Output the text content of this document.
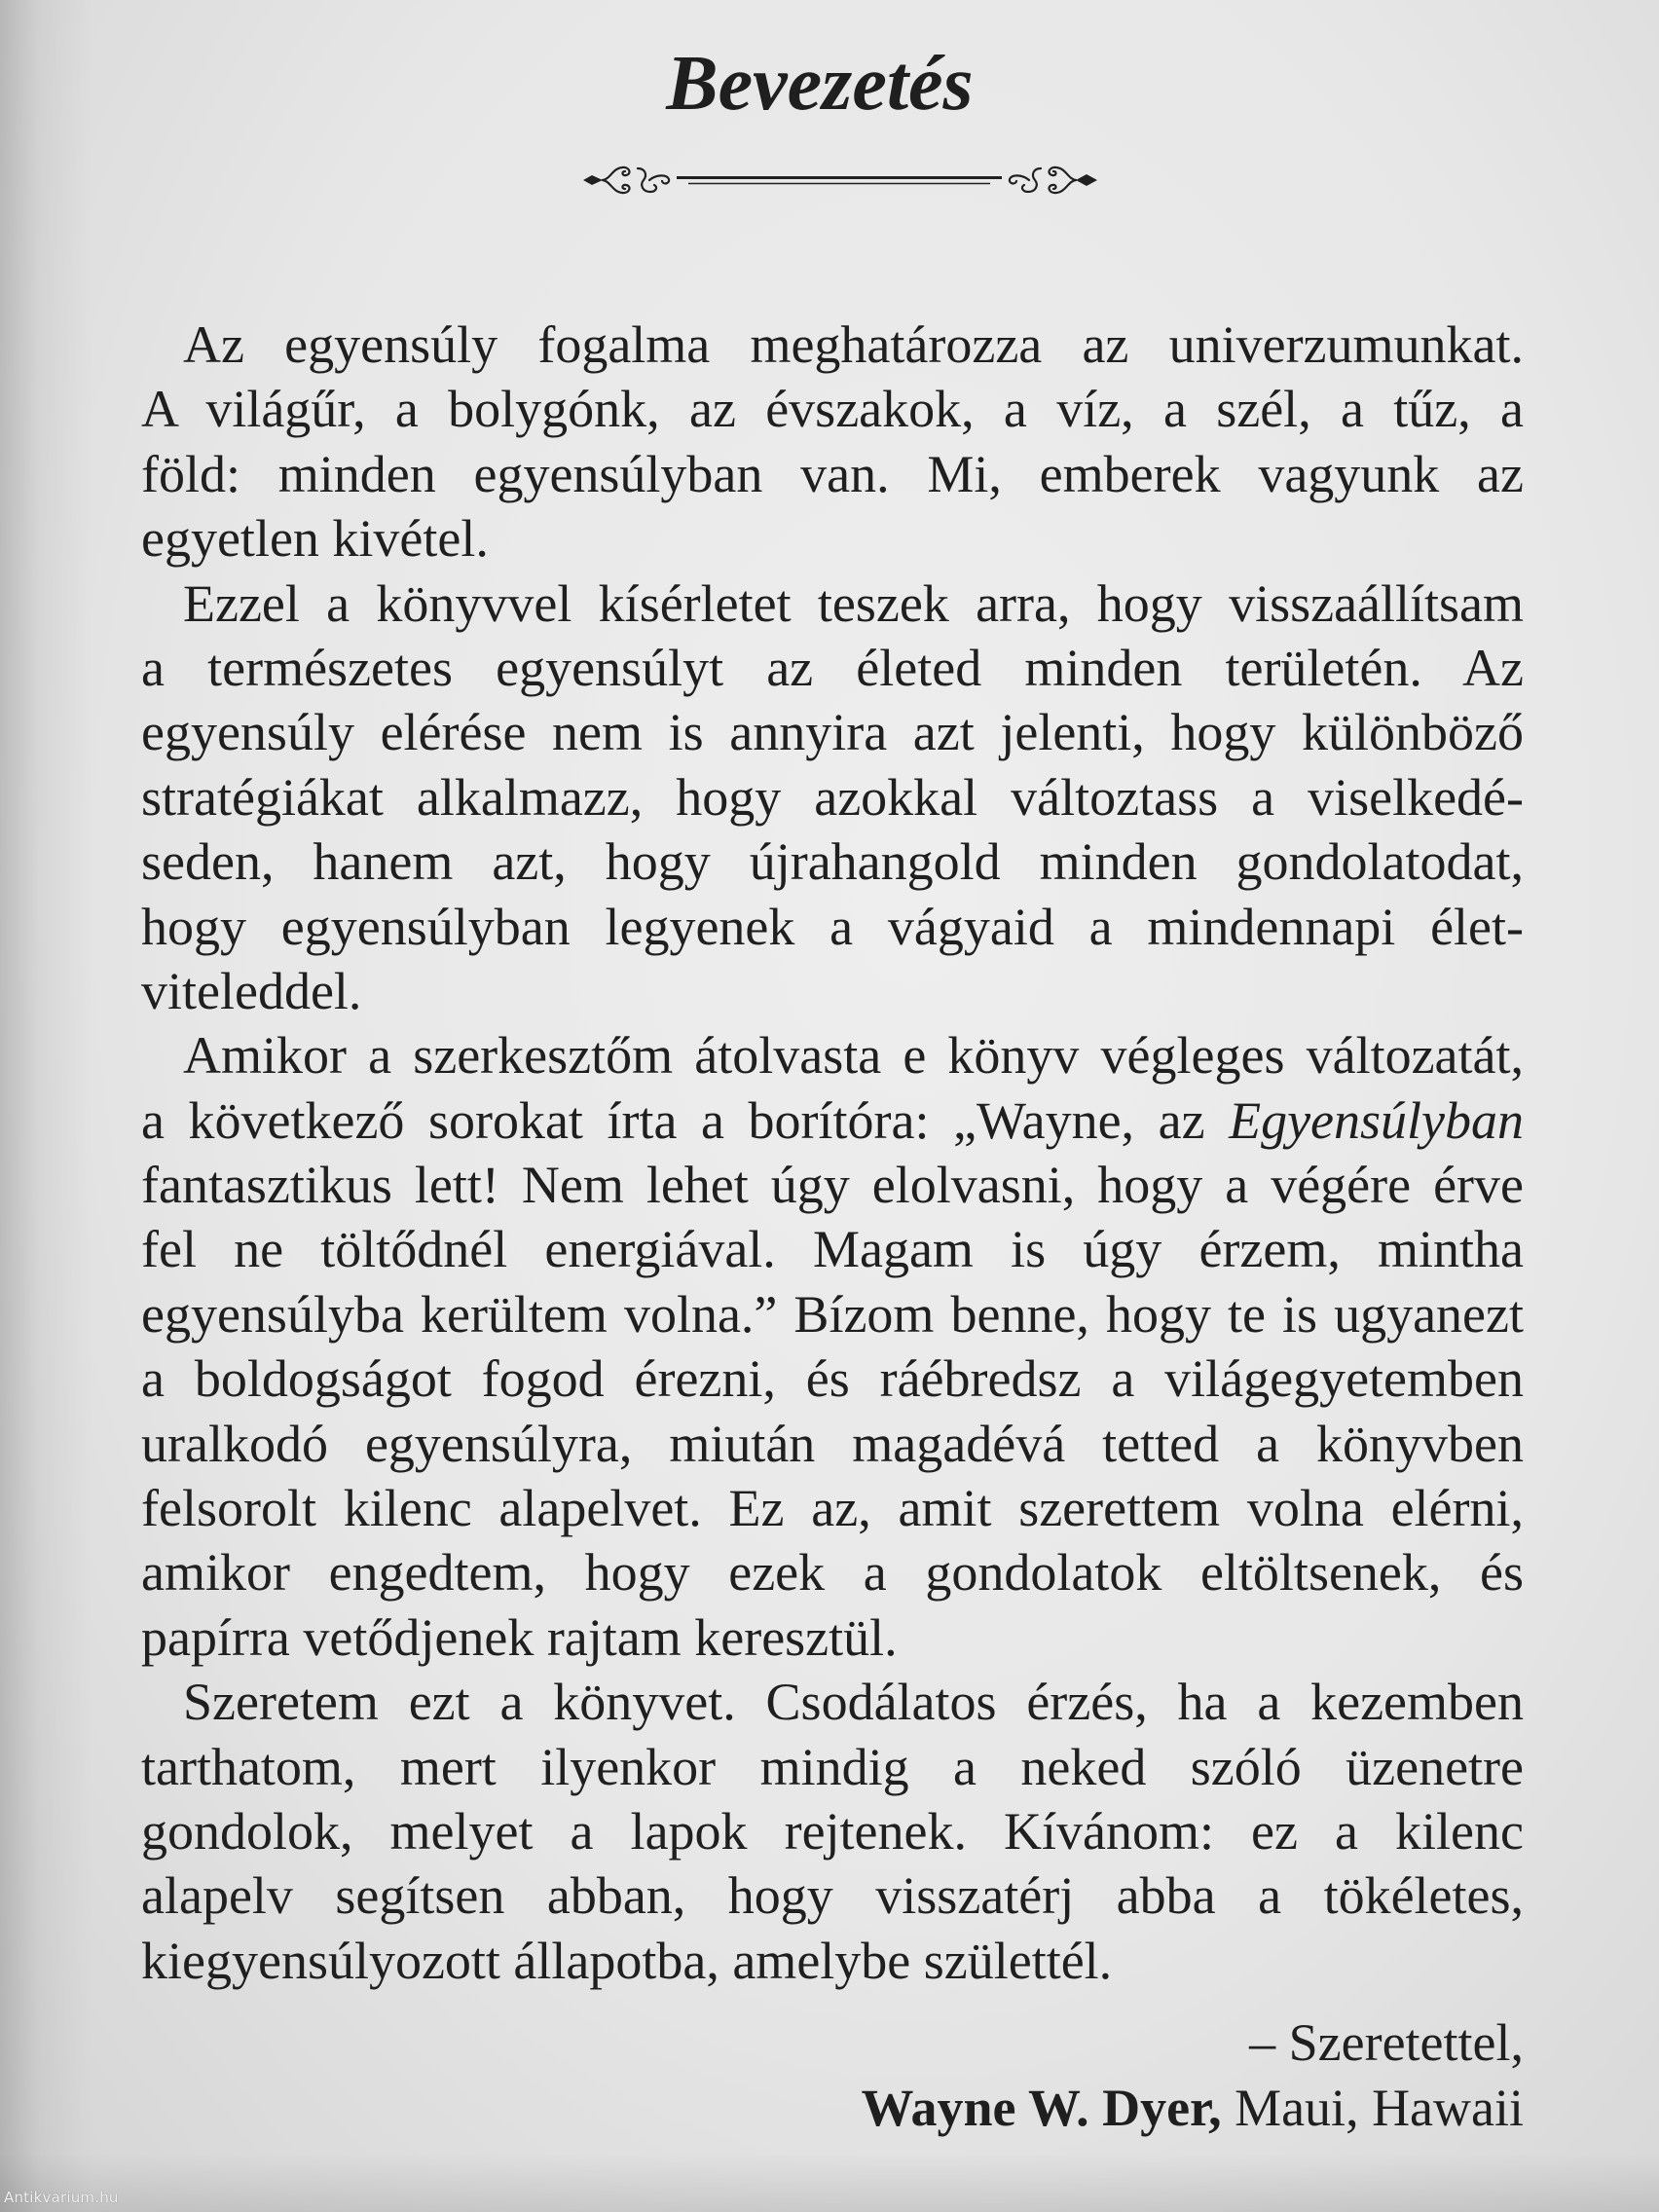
Bevezetés
Az egyensúly fogalma meghatározza az univerzumunkat.
A világűr, a bolygónk, az évszakok, a víz, a szél, a tűz, a
föld: minden egyensúlyban van. Mi, emberek vagyunk az
egyetlen kivétel.
Ezzel a könyvvel kísérletet teszek arra, hogy visszaállítsam
a természetes egyensúlyt az életed minden területén. Az
egyensúly elérése nem is annyira azt jelenti, hogy különböző
stratégiákat alkalmazz, hogy azokkal változtass a viselkedé-
seden, hanem azt, hogy újrahangold minden gondolatodat,
hogy egyensúlyban legyenek a vágyaid a mindennapi élet-
viteleddel.
Amikor a szerkesztőm átolvasta e könyv végleges változatát,
a következő sorokat írta a borítóra: „Wayne, az Egyensúlyban
fantasztikus lett! Nem lehet úgy elolvasni, hogy a végére érve
fel ne töltődnél energiával. Magam is úgy érzem, mintha
egyensúlyba kerültem volna.” Bízom benne, hogy te is ugyanezt
a boldogságot fogod érezni, és ráébredsz a világegyetemben
uralkodó egyensúlyra, miután magadévá tetted a könyvben
felsorolt kilenc alapelvet. Ez az, amit szerettem volna elérni,
amikor engedtem, hogy ezek a gondolatok eltöltsenek, és
papírra vetődjenek rajtam keresztül.
Szeretem ezt a könyvet. Csodálatos érzés, ha a kezemben
tarthatom, mert ilyenkor mindig a neked szóló üzenetre
gondolok, melyet a lapok rejtenek. Kívánom: ez a kilenc
alapelv segítsen abban, hogy visszatérj abba a tökéletes,
kiegyensúlyozott állapotba, amelybe születtél.
– Szeretettel,
Wayne W. Dyer, Maui, Hawaii
Antikvarium.hu
